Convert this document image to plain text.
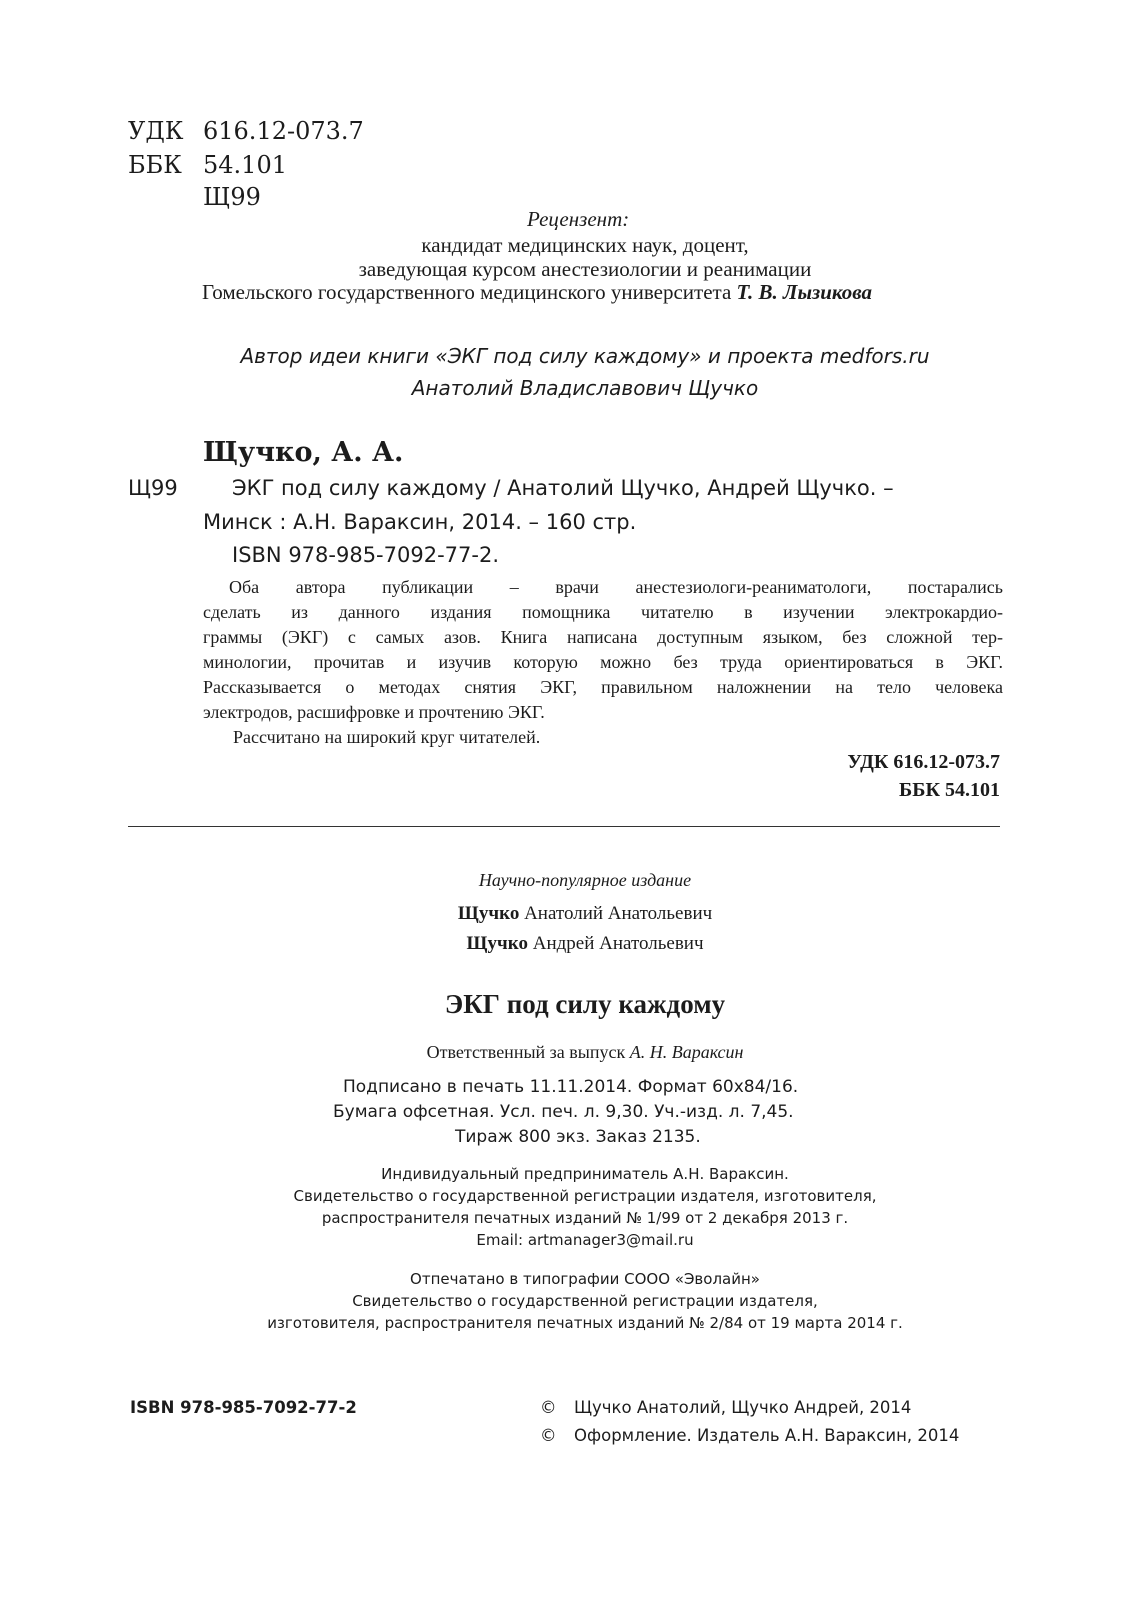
УДК 616.12-073.7
ББК 54.101
Щ99
Рецензент:
кандидат медицинских наук, доцент,
заведующая курсом анестезиологии и реанимации
Гомельского государственного медицинского университета Т. В. Лызикова
Автор идеи книги «ЭКГ под силу каждому» и проекта medfors.ru
Анатолий Владиславович Щучко
Щучко, А. А.
Щ99	ЭКГ под силу каждому / Анатолий Щучко, Андрей Щучко. –
Минск : А.Н. Вараксин, 2014. – 160 стр.
ISBN 978-985-7092-77-2.

Оба автора публикации – врачи анестезиологи-реаниматологи, постарались

сделать из данного издания помощника читателю в изучении электрокардио-

граммы (ЭКГ) с самых азов. Книга написана доступным языком, без сложной тер-

минологии, прочитав и изучив которую можно без труда ориентироваться в ЭКГ.

Рассказывается о методах снятия ЭКГ, правильном наложнении на тело человека

электродов, расшифровке и прочтению ЭКГ.

Рассчитано на широкий круг читателей.

УДК 616.12-073.7
ББК 54.101
Научно-популярное издание
Щучко Анатолий Анатольевич
Щучко Андрей Анатольевич
ЭКГ под силу каждому
Ответственный за выпуск А. Н. Вараксин
Подписано в печать 11.11.2014. Формат 60х84/16.
Бумага офсетная. Усл. печ. л. 9,30. Уч.-изд. л. 7,45.
Тираж 800 экз. Заказ 2135.
Индивидуальный предприниматель А.Н. Вараксин.
Свидетельство о государственной регистрации издателя, изготовителя,
распространителя печатных изданий № 1/99 от 2 декабря 2013 г.
Email: artmanager3@mail.ru
Отпечатано в типографии СООО «Эволайн»
Свидетельство о государственной регистрации издателя,
изготовителя, распространителя печатных изданий № 2/84 от 19 марта 2014 г.
ISBN 978-985-7092-77-2	© Щучко Анатолий, Щучко Андрей, 2014
© Оформление. Издатель А.Н. Вараксин, 2014
